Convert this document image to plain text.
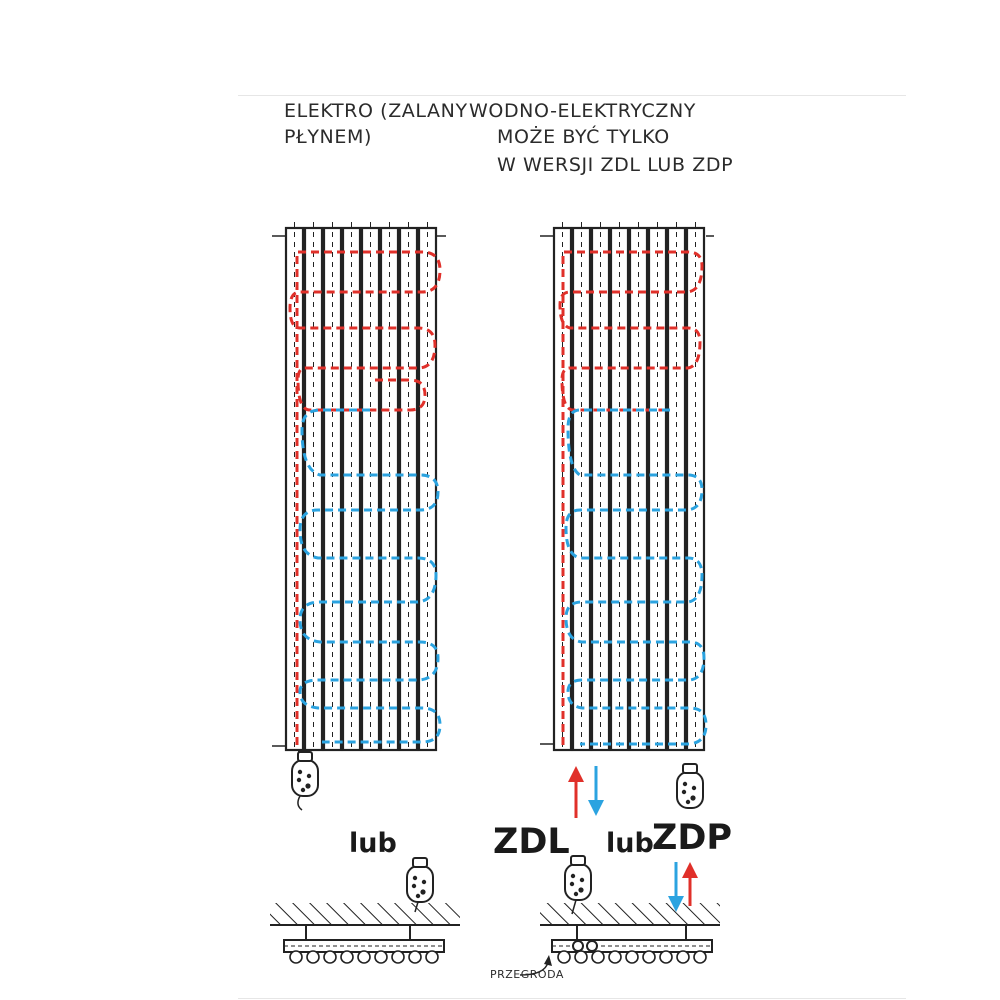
ELEKTRO (ZALANY
PŁYNEM)
WODNO-ELEKTRYCZNY
MOŻE BYĆ TYLKO
W WERSJI ZDL LUB ZDP
lub	ZDL lub
ZDP
PRZEGRODA
